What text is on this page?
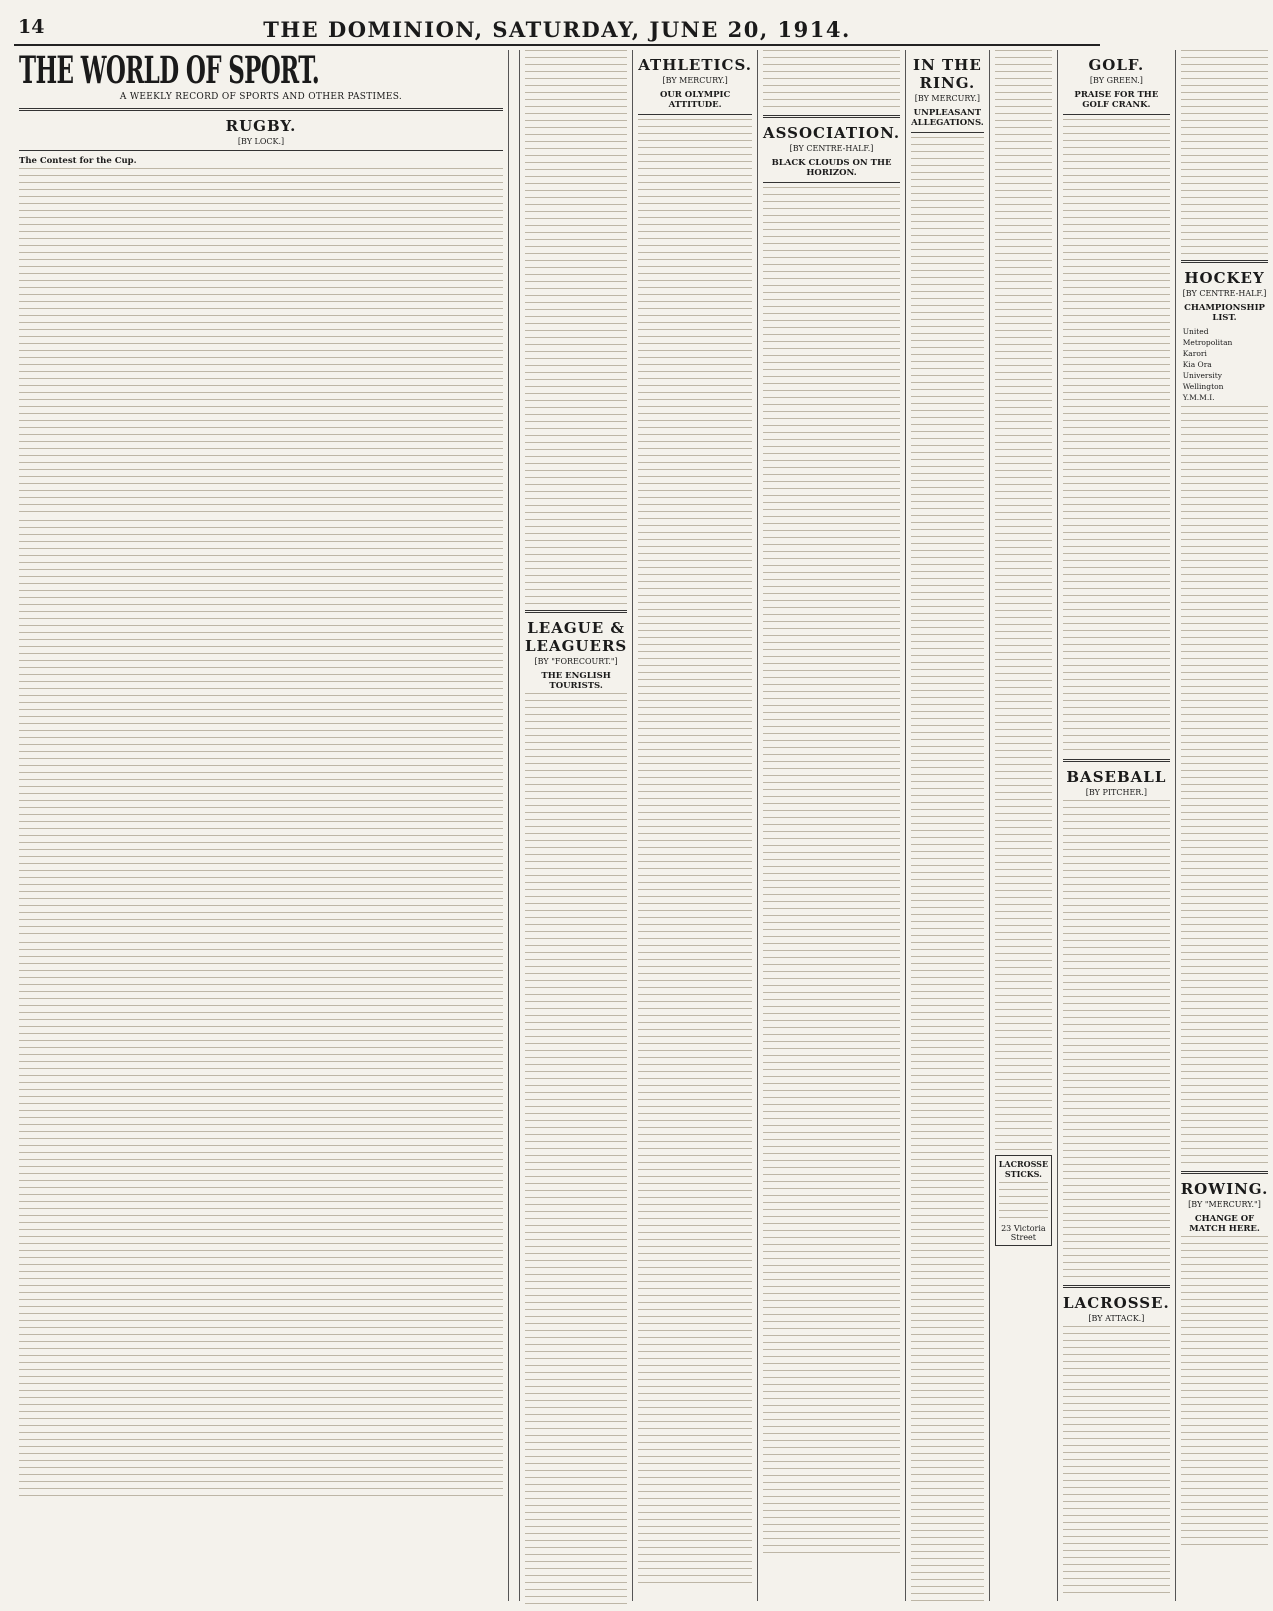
14	THE DOMINION, SATURDAY, JUNE 20, 1914.
THE WORLD OF SPORT.
A WEEKLY RECORD OF SPORTS AND OTHER PASTIMES.
RUGBY.
[BY LOCK.]
The Contest for the Cup.
LEAGUE & LEAGUERS
[BY "FORECOURT."]
THE ENGLISH TOURISTS.
ATHLETICS.
[BY MERCURY.]
OUR OLYMPIC ATTITUDE.
ASSOCIATION.
[BY CENTRE-HALF.]
BLACK CLOUDS ON THE HORIZON.
IN THE RING.
[BY MERCURY.]
UNPLEASANT ALLEGATIONS.
LACROSSE STICKS.
23 Victoria Street
GOLF.
[BY GREEN.]
PRAISE FOR THE GOLF CRANK.
BASEBALL
[BY PITCHER.]
LACROSSE.
[BY ATTACK.]
HOCKEY
[BY CENTRE-HALF.]
CHAMPIONSHIP LIST.
United
Metropolitan
Karori
Kia Ora
University
Wellington
Y.M.M.I.
ROWING.
[BY "MERCURY."]
CHANGE OF MATCH HERE.
